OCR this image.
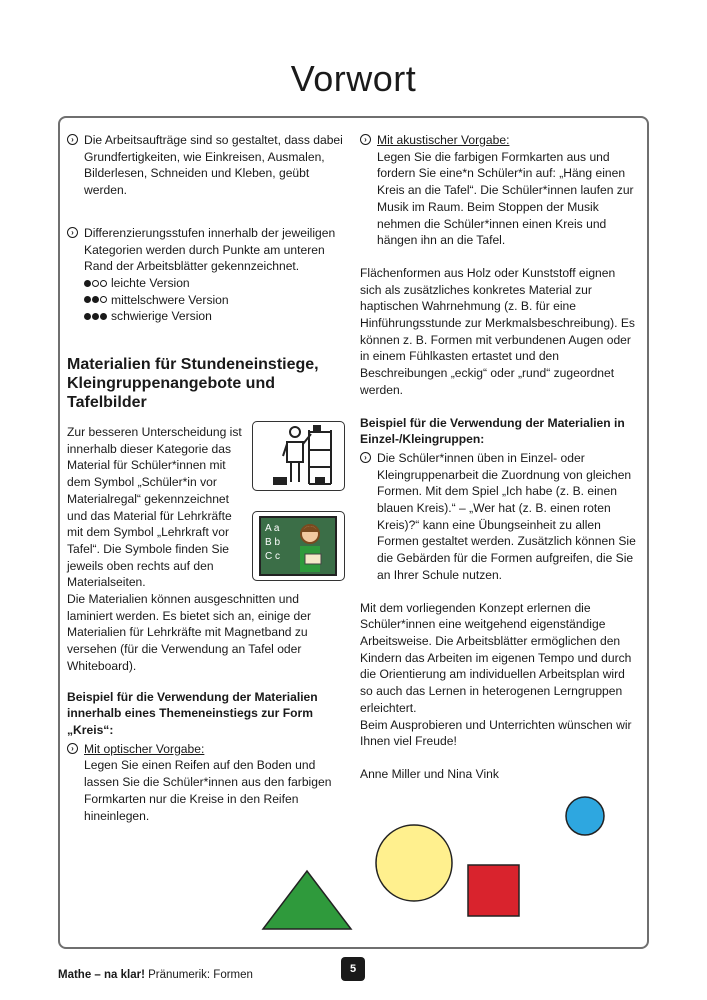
Vorwort

› Die Arbeitsaufträge sind so gestaltet, dass dabei Grundfertigkeiten, wie Einkreisen, Ausmalen, Bilderlesen, Schneiden und Kleben, geübt werden.

› Differenzierungsstufen innerhalb der jeweiligen Kategorien werden durch Punkte am unteren Rand der Arbeitsblätter gekennzeichnet.

leichte Version
mittelschwere Version
schwierige Version
Materialien für Stundeneinstiege, Kleingruppenangebote und Tafelbilder

Zur besseren Unterscheidung ist innerhalb dieser Kategorie das Material für Schüler*innen mit dem Symbol „Schüler*in vor Materialregal“ gekennzeichnet und das Material für Lehrkräfte mit dem Symbol „Lehrkraft vor Tafel“. Die Symbole finden Sie jeweils oben rechts auf den Materialseiten.

Die Materialien können ausgeschnitten und laminiert werden. Es bietet sich an, einige der Materialien für Lehrkräfte mit Magnetband zu versehen (für die Verwendung an Tafel oder Whiteboard).

Beispiel für die Verwendung der Materialien innerhalb eines Themeneinstiegs zur Form „Kreis“:

› Mit optischer Vorgabe:

Legen Sie einen Reifen auf den Boden und lassen Sie die Schüler*innen aus den farbigen Formkarten nur die Kreise in den Reifen hineinlegen.

A a
B b
C c

› Mit akustischer Vorgabe:

Legen Sie die farbigen Formkarten aus und fordern Sie eine*n Schüler*in auf: „Häng einen Kreis an die Tafel“. Die Schüler*innen laufen zur Musik im Raum. Beim Stoppen der Musik nehmen die Schüler*innen einen Kreis und hängen ihn an die Tafel.

Flächenformen aus Holz oder Kunststoff eignen sich als zusätzliches konkretes Material zur haptischen Wahrnehmung (z. B. für eine Hinführungsstunde zur Merkmalsbeschreibung). Es können z. B. Formen mit verbundenen Augen oder in einem Fühlkasten ertastet und den Beschreibungen „eckig“ oder „rund“ zugeordnet werden.

Beispiel für die Verwendung der Materialien in Einzel-/Kleingruppen:

› Die Schüler*innen üben in Einzel- oder Kleingruppenarbeit die Zuordnung von gleichen Formen. Mit dem Spiel „Ich habe (z. B. einen blauen Kreis).“ – „Wer hat (z. B. einen roten Kreis)?“ kann eine Übungseinheit zu allen Formen gestaltet werden. Zusätzlich können Sie die Gebärden für die Formen aufgreifen, die Sie an Ihrer Schule nutzen.

Mit dem vorliegenden Konzept erlernen die Schüler*innen eine weitgehend eigenständige Arbeitsweise. Die Arbeitsblätter ermöglichen den Kindern das Arbeiten im eigenen Tempo und durch die Orientierung am individuellen Arbeitsplan wird so auch das Lernen in heterogenen Lerngruppen erleichtert.

Beim Ausprobieren und Unterrichten wünschen wir Ihnen viel Freude!

Anne Miller und Nina Vink

5
Mathe – na klar! Pränumerik: Formen
